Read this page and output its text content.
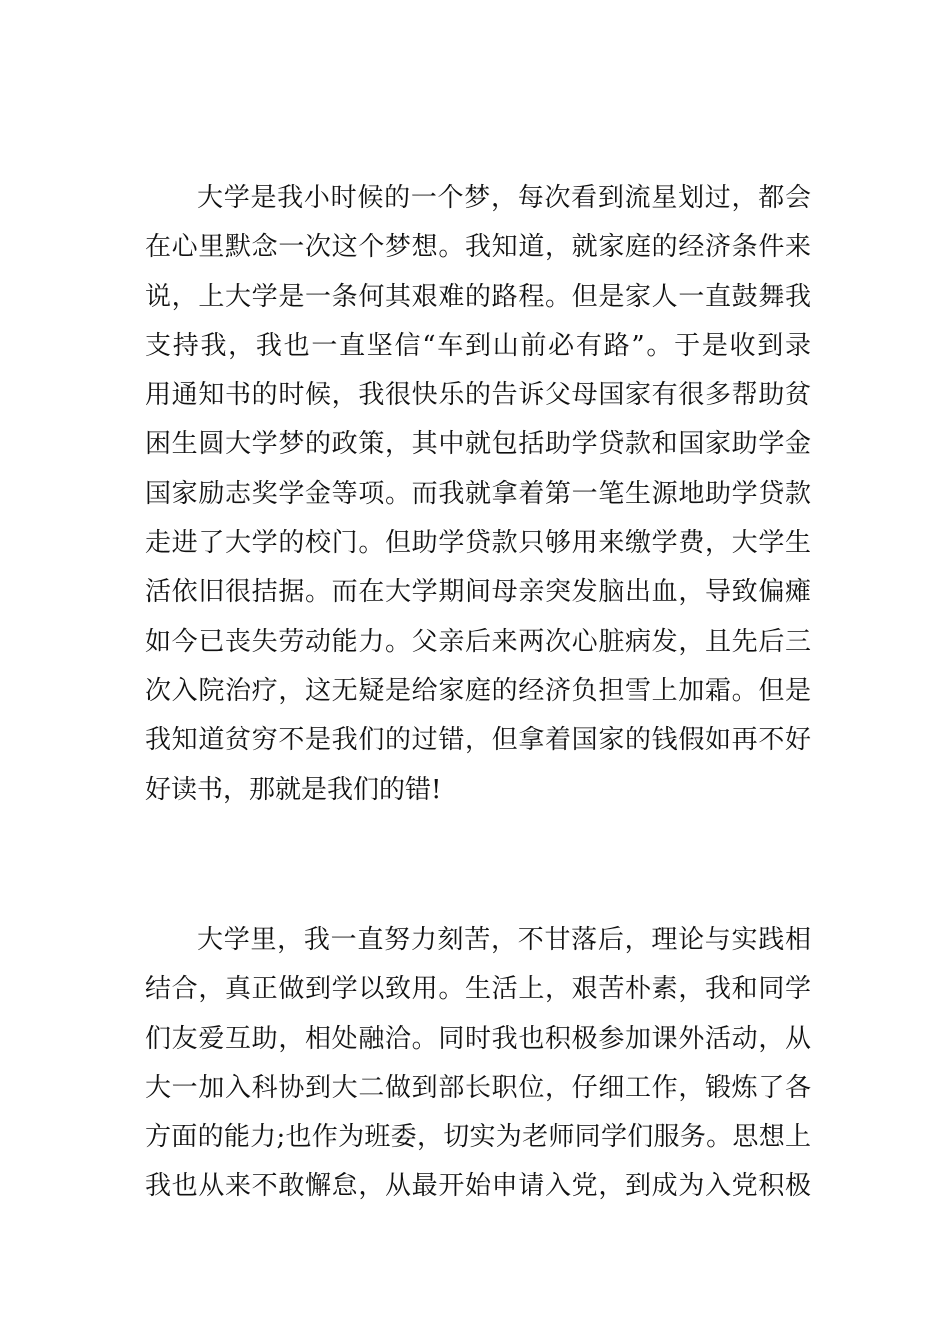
大学是我小时候的一个梦，每次看到流星划过，都会
在心里默念一次这个梦想。我知道，就家庭的经济条件来
说，上大学是一条何其艰难的路程。但是家人一直鼓舞我
支持我，我也一直坚信“车到山前必有路”。于是收到录
用通知书的时候，我很快乐的告诉父母国家有很多帮助贫
困生圆大学梦的政策，其中就包括助学贷款和国家助学金
国家励志奖学金等项。而我就拿着第一笔生源地助学贷款
走进了大学的校门。但助学贷款只够用来缴学费，大学生
活依旧很拮据。而在大学期间母亲突发脑出血，导致偏瘫
如今已丧失劳动能力。父亲后来两次心脏病发，且先后三
次入院治疗，这无疑是给家庭的经济负担雪上加霜。但是
我知道贫穷不是我们的过错，但拿着国家的钱假如再不好
好读书，那就是我们的错!
大学里，我一直努力刻苦，不甘落后，理论与实践相
结合，真正做到学以致用。生活上，艰苦朴素，我和同学
们友爱互助，相处融洽。同时我也积极参加课外活动，从
大一加入科协到大二做到部长职位，仔细工作，锻炼了各
方面的能力;也作为班委，切实为老师同学们服务。思想上
我也从来不敢懈怠，从最开始申请入党，到成为入党积极
